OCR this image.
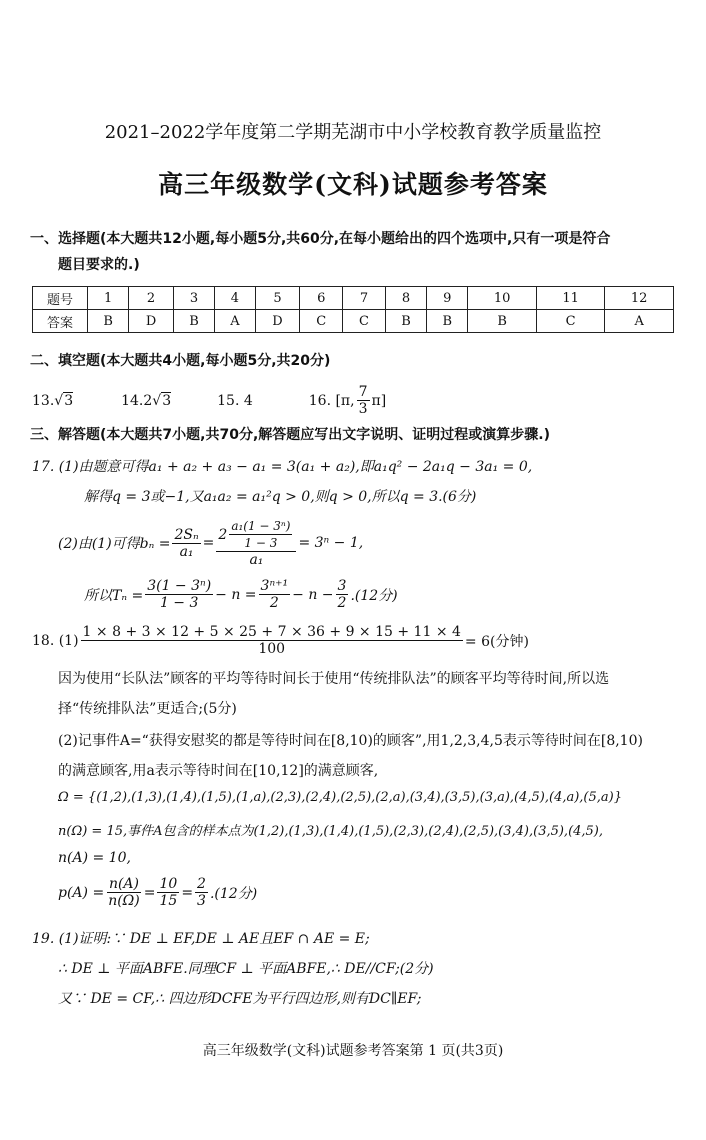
2021–2022学年度第二学期芜湖市中小学校教育教学质量监控
高三年级数学(文科)试题参考答案
一、选择题(本大题共12小题,每小题5分,共60分,在每小题给出的四个选项中,只有一项是符合
题目要求的.)
题号	1	2	3	4	5	6	7	8	9	10	11	12
答案	B	D	B	A	D	C	C	B	B	B	C	A
二、填空题(本大题共4小题,每小题5分,共20分)
13. √ 3	14.2 √ 3	15. 4	16. [π, $\frac{7}{3} \pi$]
三、解答题(本大题共7小题,共70分,解答题应写出文字说明、证明过程或演算步骤.)
17. (1)由题意可得a₁ + a₂ + a₃ − a₁ = 3(a₁ + a₂),即a₁q² − 2a₁q − 3a₁ = 0,
解得q = 3或−1,又a₁a₂ = a₁²q > 0,则q > 0,所以q = 3.(6分)
(2)由(1)可得$b_n = \frac{\text{2Sₙ}}{\text{a₁}} = \frac{2 \frac{\text{a₁(1 − 3ⁿ)}}{1 - 3}}{\text{a₁}} = 3^n - 1$,
所以$T_n = \frac{\text{3(1 − 3ⁿ)}}{1 - 3} - n = \frac{\text{3ⁿ⁺¹}}{2} - n - \frac{3}{2} .(12$分)
18. $(1) \frac{1 \times 8 + 3 \times 12 + 5 \times 25 + 7 \times 36 + 9 \times 15 + 11 \times 4}{100} = 6$(分钟)
因为使用“长队法”顾客的平均等待时间长于使用“传统排队法”的顾客平均等待时间,所以选
择“传统排队法”更适合;(5分)
(2)记事件A=“获得安慰奖的都是等待时间在[8,10)的顾客”,用1,2,3,4,5表示等待时间在[8,10)
的满意顾客,用a表示等待时间在[10,12]的满意顾客,
Ω = {(1,2),(1,3),(1,4),(1,5),(1,a),(2,3),(2,4),(2,5),(2,a),(3,4),(3,5),(3,a),(4,5),(4,a),(5,a)}
n(Ω) = 15,事件A包含的样本点为(1,2),(1,3),(1,4),(1,5),(2,3),(2,4),(2,5),(3,4),(3,5),(4,5),
n(A) = 10,
$p(A) = \frac{n(A)}{n(\Omega)} = \frac{10}{15} = \frac{2}{3} .(12$分)
19. (1)证明:∵ DE ⊥ EF,DE ⊥ AE且EF ∩ AE = E;
∴ DE ⊥ 平面ABFE.同理CF ⊥ 平面ABFE,∴ DE//CF;(2分)
又∵ DE = CF,∴ 四边形DCFE为平行四边形,则有DC∥EF;
高三年级数学(文科)试题参考答案第 1 页(共3页)
